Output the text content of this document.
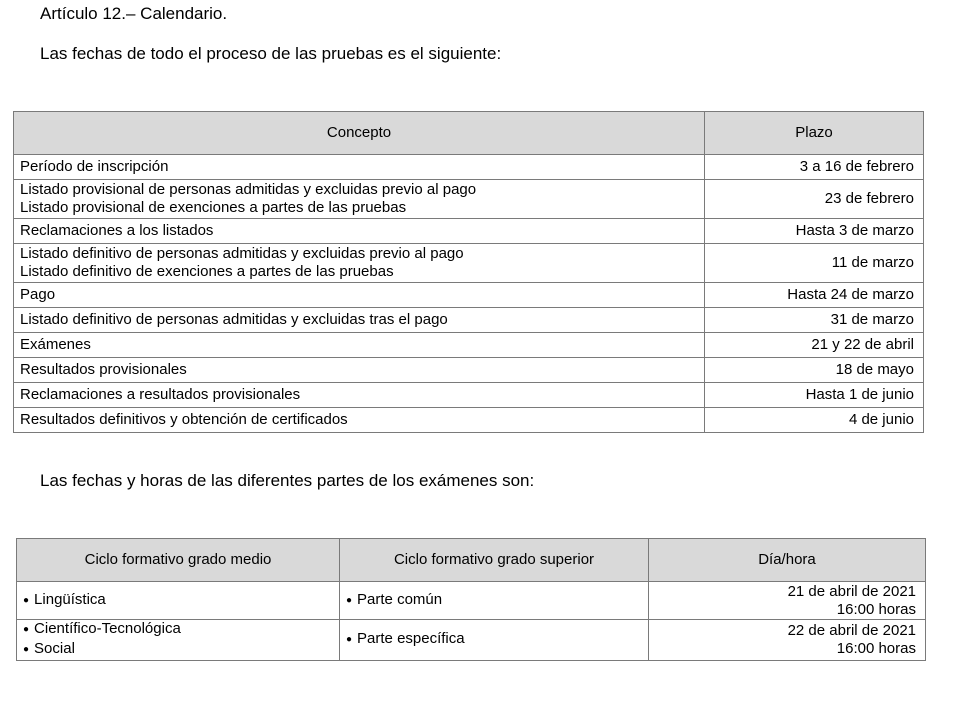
Artículo 12.– Calendario.

Las fechas de todo el proceso de las pruebas es el siguiente:

Concepto	Plazo

Período de inscripción	3 a 16 de febrero

Listado provisional de personas admitidas y excluidas previo al pago
Listado provisional de exenciones a partes de las pruebas	23 de febrero

Reclamaciones a los listados	Hasta 3 de marzo

Listado definitivo de personas admitidas y excluidas previo al pago
Listado definitivo de exenciones a partes de las pruebas	11 de marzo

Pago	Hasta 24 de marzo

Listado definitivo de personas admitidas y excluidas tras el pago	31 de marzo

Exámenes	21 y 22 de abril

Resultados provisionales	18 de mayo

Reclamaciones a resultados provisionales	Hasta 1 de junio

Resultados definitivos y obtención de certificados	4 de junio

Las fechas y horas de las diferentes partes de los exámenes son:

Ciclo formativo grado medio	Ciclo formativo grado superior	Día/hora

● Lingüística	● Parte común	21 de abril de 2021
16:00 horas

● Científico-Tecnológica
● Social	● Parte específica	22 de abril de 2021
16:00 horas
